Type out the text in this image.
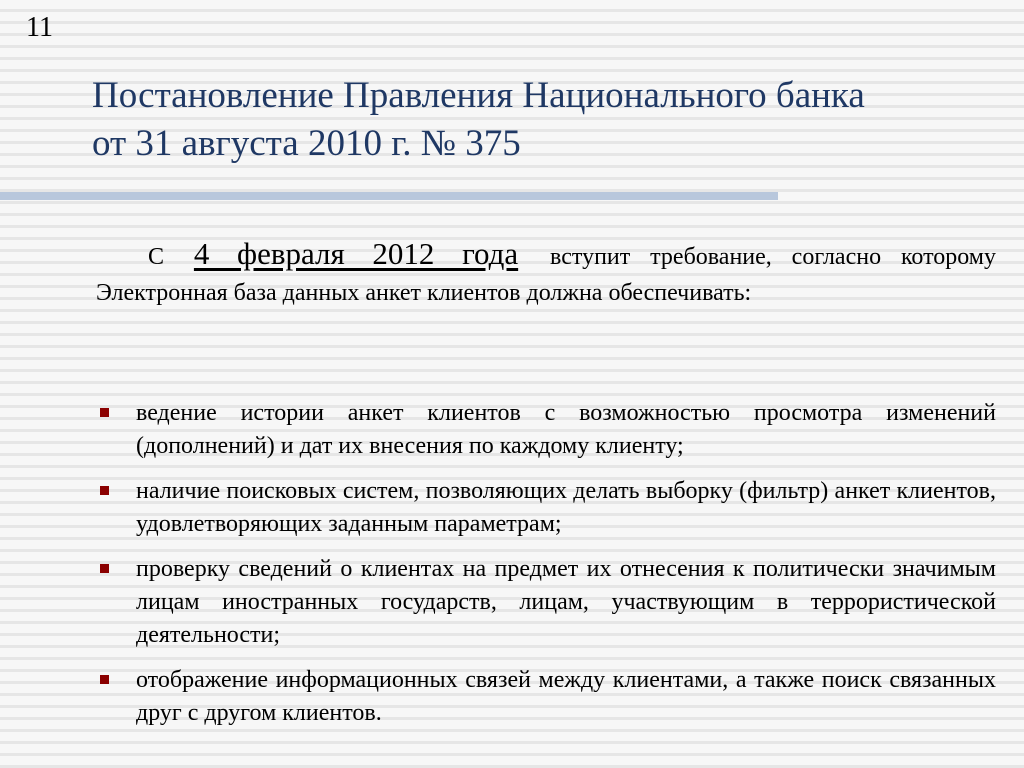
11
Постановление Правления Национального банка
от 31 августа 2010 г. № 375
С 4 февраля 2012 года вступит требование, согласно которому Электронная база данных анкет клиентов должна обеспечивать:
ведение истории анкет клиентов с возможностью просмотра изменений (дополнений) и дат их внесения по каждому клиенту;
наличие поисковых систем, позволяющих делать выборку (фильтр) анкет клиентов, удовлетворяющих заданным параметрам;
проверку сведений о клиентах на предмет их отнесения к политически значимым лицам иностранных государств, лицам, участвующим в террористической деятельности;
отображение информационных связей между клиентами, а также поиск связанных друг с другом клиентов.
